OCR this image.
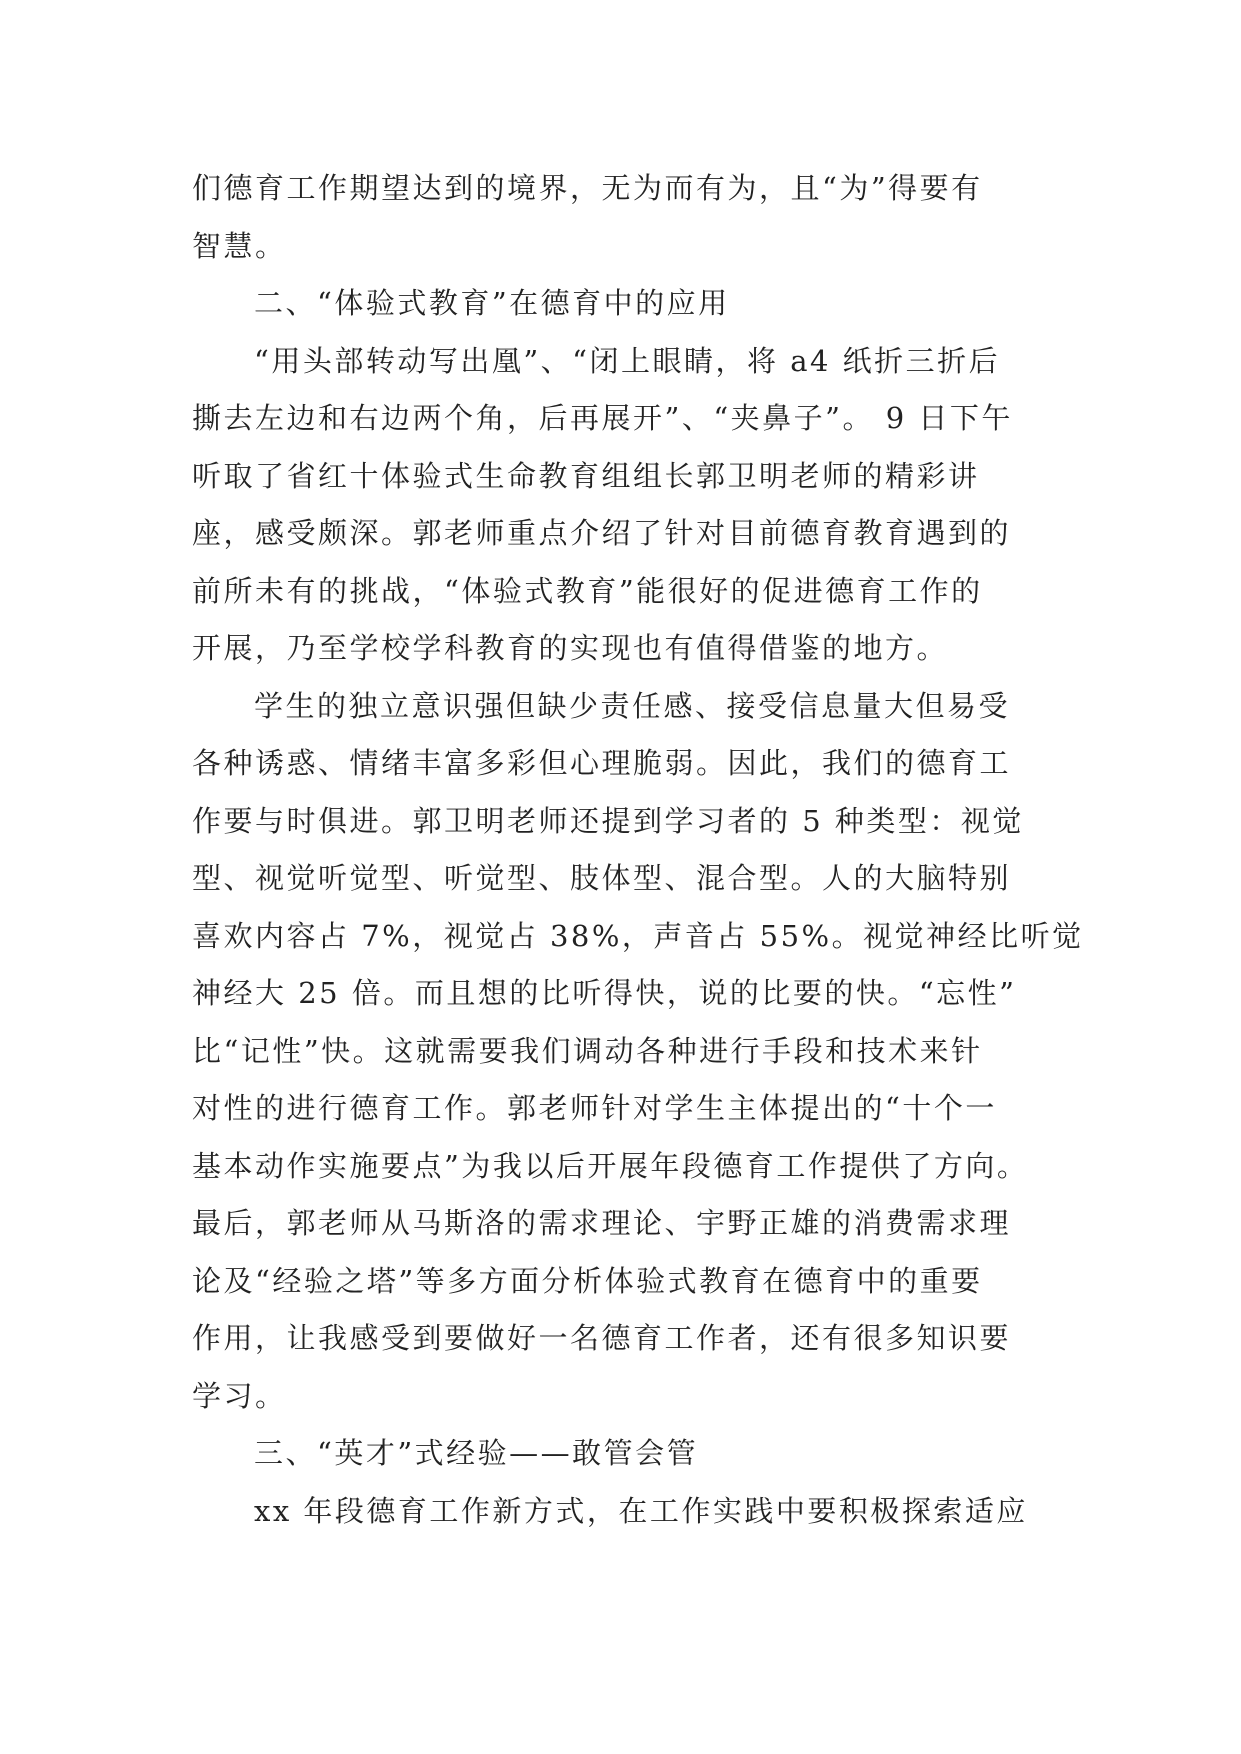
们德育工作期望达到的境界，无为而有为，且“为”得要有
智慧。
二、“体验式教育”在德育中的应用
“用头部转动写出凰”、“闭上眼睛，将 a4 纸折三折后
撕去左边和右边两个角，后再展开”、“夹鼻子”。 9 日下午
听取了省红十体验式生命教育组组长郭卫明老师的精彩讲
座，感受颇深。郭老师重点介绍了针对目前德育教育遇到的
前所未有的挑战，“体验式教育”能很好的促进德育工作的
开展，乃至学校学科教育的实现也有值得借鉴的地方。
学生的独立意识强但缺少责任感、接受信息量大但易受
各种诱惑、情绪丰富多彩但心理脆弱。因此，我们的德育工
作要与时俱进。郭卫明老师还提到学习者的 5 种类型：视觉
型、视觉听觉型、听觉型、肢体型、混合型。人的大脑特别
喜欢内容占 7%，视觉占 38%，声音占 55%。视觉神经比听觉
神经大 25 倍。而且想的比听得快，说的比要的快。“忘性”
比“记性”快。这就需要我们调动各种进行手段和技术来针
对性的进行德育工作。郭老师针对学生主体提出的“十个一
基本动作实施要点”为我以后开展年段德育工作提供了方向。
最后，郭老师从马斯洛的需求理论、宇野正雄的消费需求理
论及“经验之塔”等多方面分析体验式教育在德育中的重要
作用，让我感受到要做好一名德育工作者，还有很多知识要
学习。
三、“英才”式经验——敢管会管
xx 年段德育工作新方式，在工作实践中要积极探索适应
